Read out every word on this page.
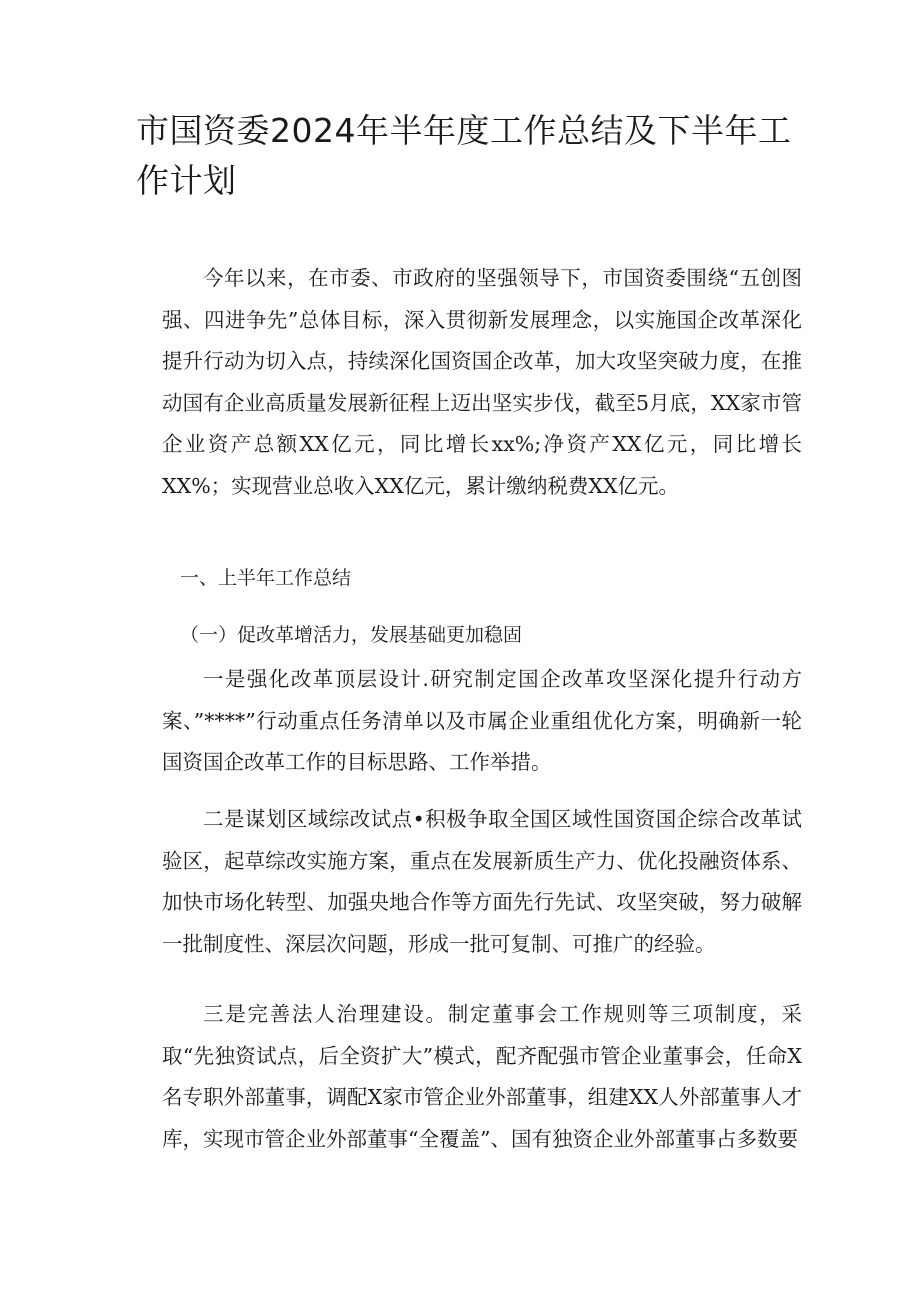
市国资委2024年半年度工作总结及下半年工作计划

今年以来，在市委、市政府的坚强领导下，市国资委围绕“五创图强、四进争先”总体目标，深入贯彻新发展理念，以实施国企改革深化提升行动为切入点，持续深化国资国企改革，加大攻坚突破力度，在推动国有企业高质量发展新征程上迈出坚实步伐，截至5月底，XX家市管企业资产总额XX亿元，同比增长xx%;净资产XX亿元，同比增长XX%；实现营业总收入XX亿元，累计缴纳税费XX亿元。

一、上半年工作总结

（一）促改革增活力，发展基础更加稳固

一是强化改革顶层设计.研究制定国企改革攻坚深化提升行动方案、”****”行动重点任务清单以及市属企业重组优化方案，明确新一轮国资国企改革工作的目标思路、工作举措。

二是谋划区域综改试点•积极争取全国区域性国资国企综合改革试验区，起草综改实施方案，重点在发展新质生产力、优化投融资体系、加快市场化转型、加强央地合作等方面先行先试、攻坚突破，努力破解一批制度性、深层次问题，形成一批可复制、可推广的经验。

三是完善法人治理建设。制定董事会工作规则等三项制度，采取“先独资试点，后全资扩大”模式，配齐配强市管企业董事会，任命X名专职外部董事，调配X家市管企业外部董事，组建XX人外部董事人才库，实现市管企业外部董事“全覆盖”、国有独资企业外部董事占多数要
